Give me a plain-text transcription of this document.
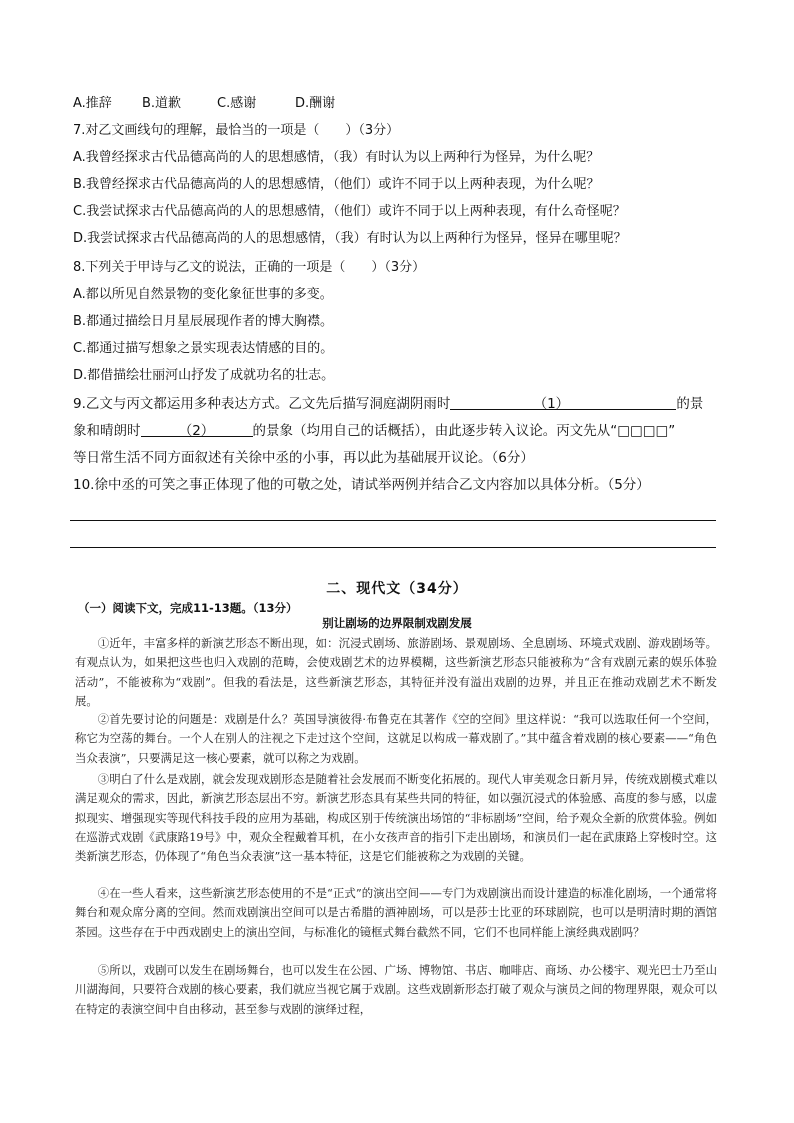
A.推辞 B.道歉	C.感谢	D.酬谢
7.对乙文画线句的理解，最恰当的一项是（　　）（3分）
A.我曾经探求古代品德高尚的人的思想感情，（我）有时认为以上两种行为怪异，为什么呢？
B.我曾经探求古代品德高尚的人的思想感情，（他们）或许不同于以上两种表现，为什么呢？
C.我尝试探求古代品德高尚的人的思想感情，（他们）或许不同于以上两种表现，有什么奇怪呢？
D.我尝试探求古代品德高尚的人的思想感情，（我）有时认为以上两种行为怪异，怪异在哪里呢？
8.下列关于甲诗与乙文的说法，正确的一项是（　　）（3分）
A.都以所见自然景物的变化象征世事的多变。
B.都通过描绘日月星辰展现作者的博大胸襟。
C.都通过描写想象之景实现表达情感的目的。
D.都借描绘壮丽河山抒发了成就功名的壮志。
9.乙文与丙文都运用多种表达方式。乙文先后描写洞庭湖阴雨时	（1）	的景
象和晴朗时	（2）	的景象（均用自己的话概括），由此逐步转入议论。丙文先从“□□□□”
等日常生活不同方面叙述有关徐中丞的小事，再以此为基础展开议论。（6分）
10.徐中丞的可笑之事正体现了他的可敬之处，请试举两例并结合乙文内容加以具体分析。（5分）
二、现代文（34分）
（一）阅读下文，完成11-13题。（13分）
别让剧场的边界限制戏剧发展
①近年，丰富多样的新演艺形态不断出现，如：沉浸式剧场、旅游剧场、景观剧场、全息剧场、环境式戏剧、游戏剧场等。有观点认为，如果把这些也归入戏剧的范畴，会使戏剧艺术的边界模糊，这些新演艺形态只能被称为“含有戏剧元素的娱乐体验活动”，不能被称为“戏剧”。但我的看法是，这些新演艺形态，其特征并没有溢出戏剧的边界，并且正在推动戏剧艺术不断发展。
②首先要讨论的问题是：戏剧是什么？英国导演彼得·布鲁克在其著作《空的空间》里这样说：“我可以选取任何一个空间，称它为空荡的舞台。一个人在别人的注视之下走过这个空间，这就足以构成一幕戏剧了。”其中蕴含着戏剧的核心要素——“角色当众表演”，只要满足这一核心要素，就可以称之为戏剧。
③明白了什么是戏剧，就会发现戏剧形态是随着社会发展而不断变化拓展的。现代人审美观念日新月异，传统戏剧模式难以满足观众的需求，因此，新演艺形态层出不穷。新演艺形态具有某些共同的特征，如以强沉浸式的体验感、高度的参与感，以虚拟现实、增强现实等现代科技手段的应用为基础，构成区别于传统演出场馆的“非标剧场”空间，给予观众全新的欣赏体验。例如在巡游式戏剧《武康路19号》中，观众全程戴着耳机，在小女孩声音的指引下走出剧场，和演员们一起在武康路上穿梭时空。这类新演艺形态，仍体现了“角色当众表演”这一基本特征，这是它们能被称之为戏剧的关键。
④在一些人看来，这些新演艺形态使用的不是“正式”的演出空间——专门为戏剧演出而设计建造的标准化剧场，一个通常将舞台和观众席分离的空间。然而戏剧演出空间可以是古希腊的酒神剧场，可以是莎士比亚的环球剧院，也可以是明清时期的酒馆茶园。这些存在于中西戏剧史上的演出空间，与标准化的镜框式舞台截然不同，它们不也同样能上演经典戏剧吗？
⑤所以，戏剧可以发生在剧场舞台，也可以发生在公园、广场、博物馆、书店、咖啡店、商场、办公楼宇、观光巴士乃至山川湖海间，只要符合戏剧的核心要素，我们就应当视它属于戏剧。这些戏剧新形态打破了观众与演员之间的物理界限，观众可以在特定的表演空间中自由移动，甚至参与戏剧的演绎过程，
